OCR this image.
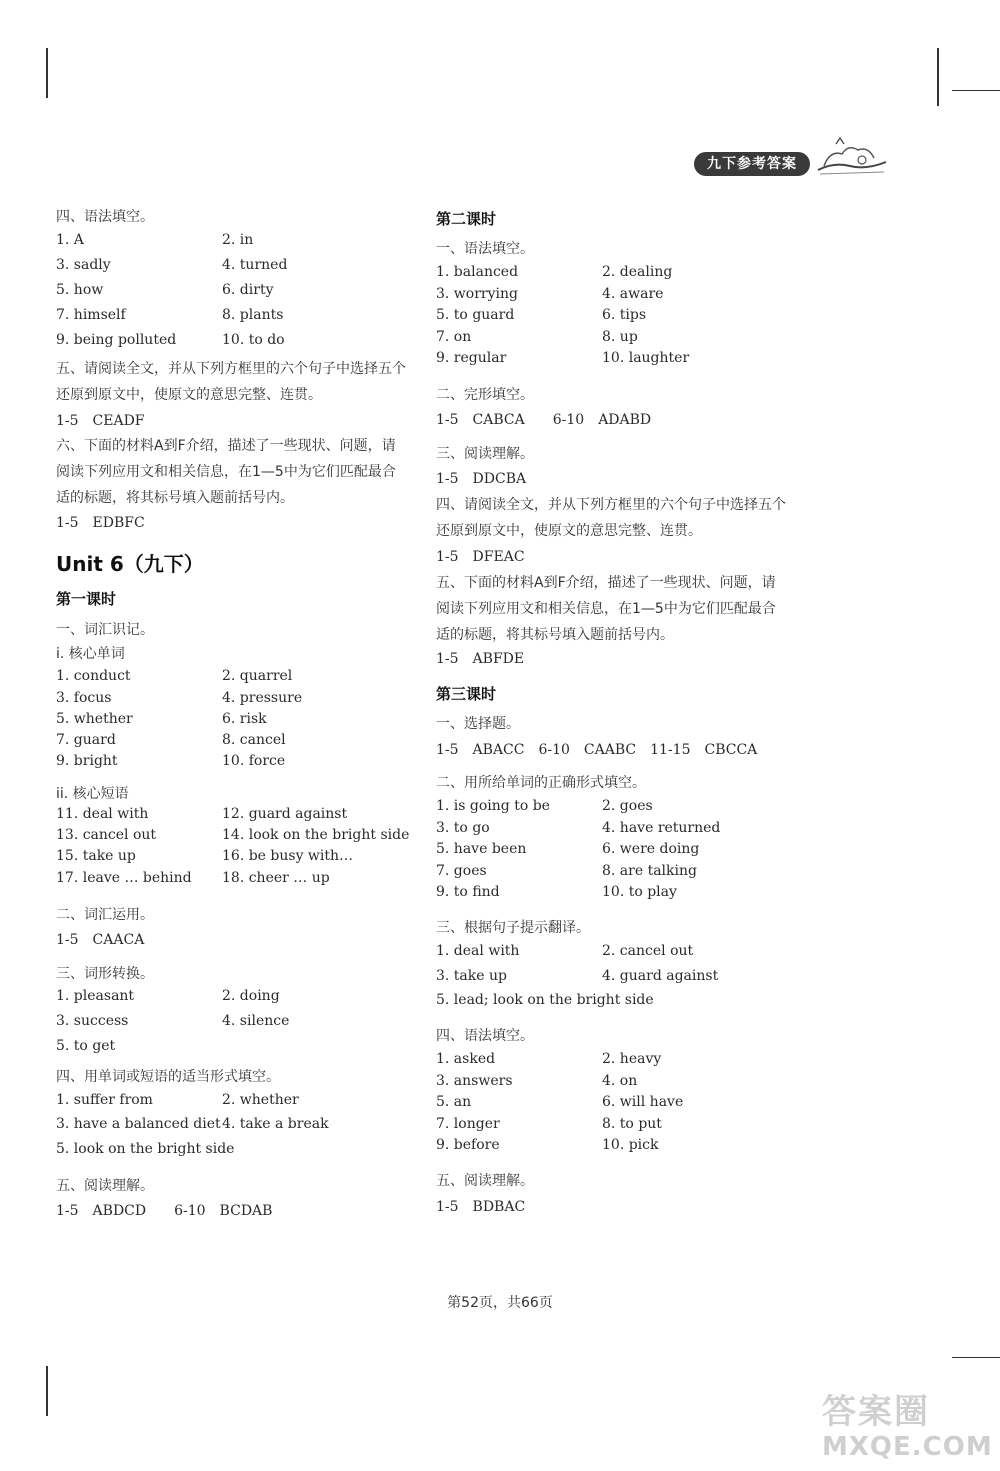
九下参考答案
四、语法填空。
1. A	2. in
3. sadly	4. turned
5. how	6. dirty
7. himself	8. plants
9. being polluted	10. to do
五、请阅读全文，并从下列方框里的六个句子中选择五个还原到原文中，使原文的意思完整、连贯。
1-5　CEADF
六、下面的材料A到F介绍，描述了一些现状、问题，请阅读下列应用文和相关信息，在1—5中为它们匹配最合适的标题，将其标号填入题前括号内。
1-5　EDBFC
Unit 6（九下）
第一课时
一、词汇识记。
i. 核心单词
1. conduct	2. quarrel
3. focus	4. pressure
5. whether	6. risk
7. guard	8. cancel
9. bright	10. force
ii. 核心短语
11. deal with	12. guard against
13. cancel out	14. look on the bright side
15. take up	16. be busy with…
17. leave … behind 18. cheer … up
二、词汇运用。
1-5　CAACA
三、词形转换。
1. pleasant	2. doing
3. success	4. silence
5. to get
四、用单词或短语的适当形式填空。
1. suffer from	2. whether
3. have a balanced diet 4. take a break
5. look on the bright side
五、阅读理解。
1-5　ABDCD　　6-10　BCDAB
第二课时
一、语法填空。
1. balanced	2. dealing
3. worrying	4. aware
5. to guard	6. tips
7. on	8. up
9. regular	10. laughter
二、完形填空。
1-5　CABCA　　6-10　ADABD
三、阅读理解。
1-5　DDCBA
四、请阅读全文，并从下列方框里的六个句子中选择五个还原到原文中，使原文的意思完整、连贯。
1-5　DFEAC
五、下面的材料A到F介绍，描述了一些现状、问题，请阅读下列应用文和相关信息，在1—5中为它们匹配最合适的标题，将其标号填入题前括号内。
1-5　ABFDE
第三课时
一、选择题。
1-5　ABACC　6-10　CAABC　11-15　CBCCA
二、用所给单词的正确形式填空。
1. is going to be	2. goes
3. to go	4. have returned
5. have been	6. were doing
7. goes	8. are talking
9. to find	10. to play
三、根据句子提示翻译。
1. deal with	2. cancel out
3. take up	4. guard against
5. lead; look on the bright side
四、语法填空。
1. asked	2. heavy
3. answers	4. on
5. an	6. will have
7. longer	8. to put
9. before	10. pick
五、阅读理解。
1-5　BDBAC
第52页，共66页
答案圈
MXQE.COM
